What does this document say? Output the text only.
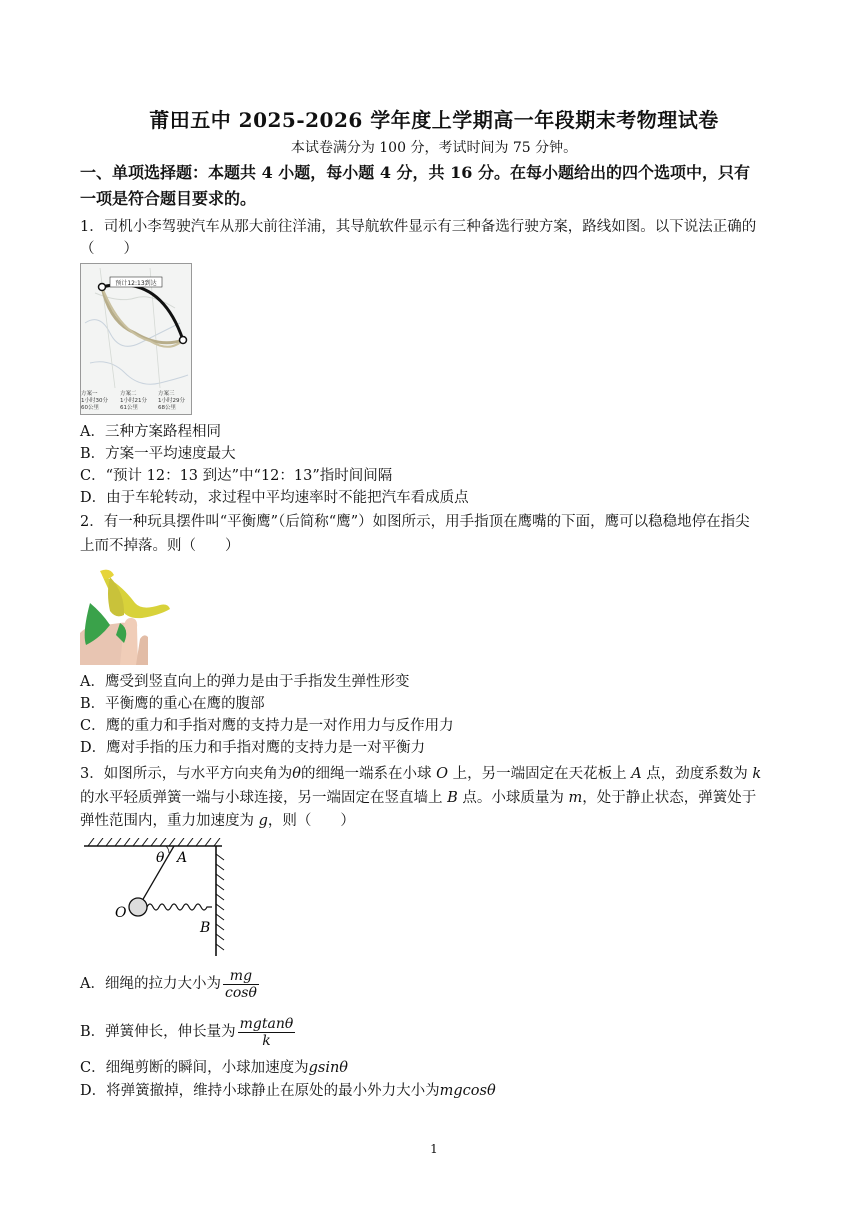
莆田五中 2025-2026 学年度上学期高一年段期末考物理试卷
本试卷满分为 100 分，考试时间为 75 分钟。
一、单项选择题：本题共 4 小题，每小题 4 分，共 16 分。在每小题给出的四个选项中，只有
一项是符合题目要求的。
1．司机小李驾驶汽车从那大前往洋浦，其导航软件显示有三种备选行驶方案，路线如图。以下说法正确的
（　　）
预计12:13到达
方案一
1小时30分
60公里
方案二
1小时21分
61公里
方案三
1小时29分
68公里
A．三种方案路程相同
B．方案一平均速度最大
C．“预计 12：13 到达”中“12：13”指时间间隔
D．由于车轮转动，求过程中平均速率时不能把汽车看成质点
2．有一种玩具摆件叫“平衡鹰”（后简称“鹰”）如图所示，用手指顶在鹰嘴的下面，鹰可以稳稳地停在指尖
上而不掉落。则（　　）
A．鹰受到竖直向上的弹力是由于手指发生弹性形变
B．平衡鹰的重心在鹰的腹部
C．鹰的重力和手指对鹰的支持力是一对作用力与反作用力
D．鹰对手指的压力和手指对鹰的支持力是一对平衡力
3．如图所示，与水平方向夹角为θ的细绳一端系在小球 O 上，另一端固定在天花板上 A 点，劲度系数为 k
的水平轻质弹簧一端与小球连接，另一端固定在竖直墙上 B 点。小球质量为 m，处于静止状态，弹簧处于
弹性范围内，重力加速度为 g，则（　　）
θ A
O
B
A．细绳的拉力大小为 $\frac{mg}{\cos\theta}$
B．弹簧伸长，伸长量为 $\frac{mgtan\theta}{k}$
C．细绳剪断的瞬间，小球加速度为gsinθ
D．将弹簧撤掉，维持小球静止在原处的最小外力大小为mgcosθ
1
